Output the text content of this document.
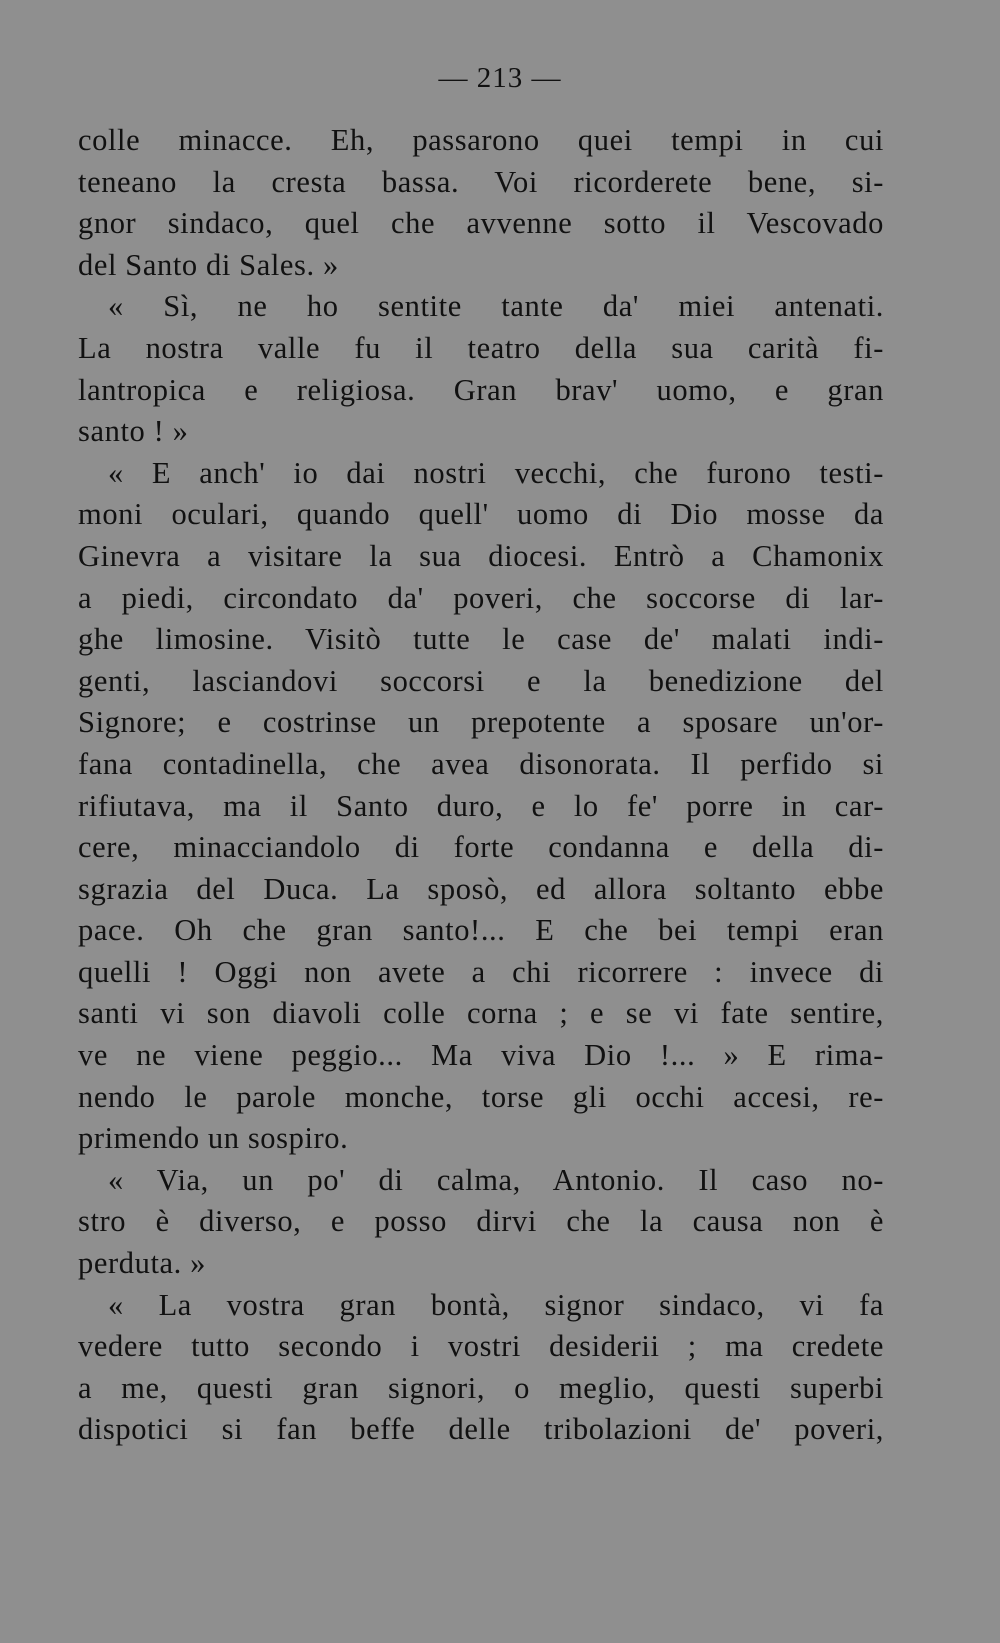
— 213 —
colle minacce. Eh, passarono quei tempi in cui
teneano la cresta bassa. Voi ricorderete bene, si-
gnor sindaco, quel che avvenne sotto il Vescovado
del Santo di Sales. »
« Sì, ne ho sentite tante da' miei antenati.
La nostra valle fu il teatro della sua carità fi-
lantropica e religiosa. Gran brav' uomo, e gran
santo ! »
« E anch' io dai nostri vecchi, che furono testi-
moni oculari, quando quell' uomo di Dio mosse da
Ginevra a visitare la sua diocesi. Entrò a Chamonix
a piedi, circondato da' poveri, che soccorse di lar-
ghe limosine. Visitò tutte le case de' malati indi-
genti, lasciandovi soccorsi e la benedizione del
Signore; e costrinse un prepotente a sposare un'or-
fana contadinella, che avea disonorata. Il perfido si
rifiutava, ma il Santo duro, e lo fe' porre in car-
cere, minacciandolo di forte condanna e della di-
sgrazia del Duca. La sposò, ed allora soltanto ebbe
pace. Oh che gran santo!... E che bei tempi eran
quelli ! Oggi non avete a chi ricorrere : invece di
santi vi son diavoli colle corna ; e se vi fate sentire,
ve ne viene peggio... Ma viva Dio !... » E rima-
nendo le parole monche, torse gli occhi accesi, re-
primendo un sospiro.
« Via, un po' di calma, Antonio. Il caso no-
stro è diverso, e posso dirvi che la causa non è
perduta. »
« La vostra gran bontà, signor sindaco, vi fa
vedere tutto secondo i vostri desiderii ; ma credete
a me, questi gran signori, o meglio, questi superbi
dispotici si fan beffe delle tribolazioni de' poveri,
